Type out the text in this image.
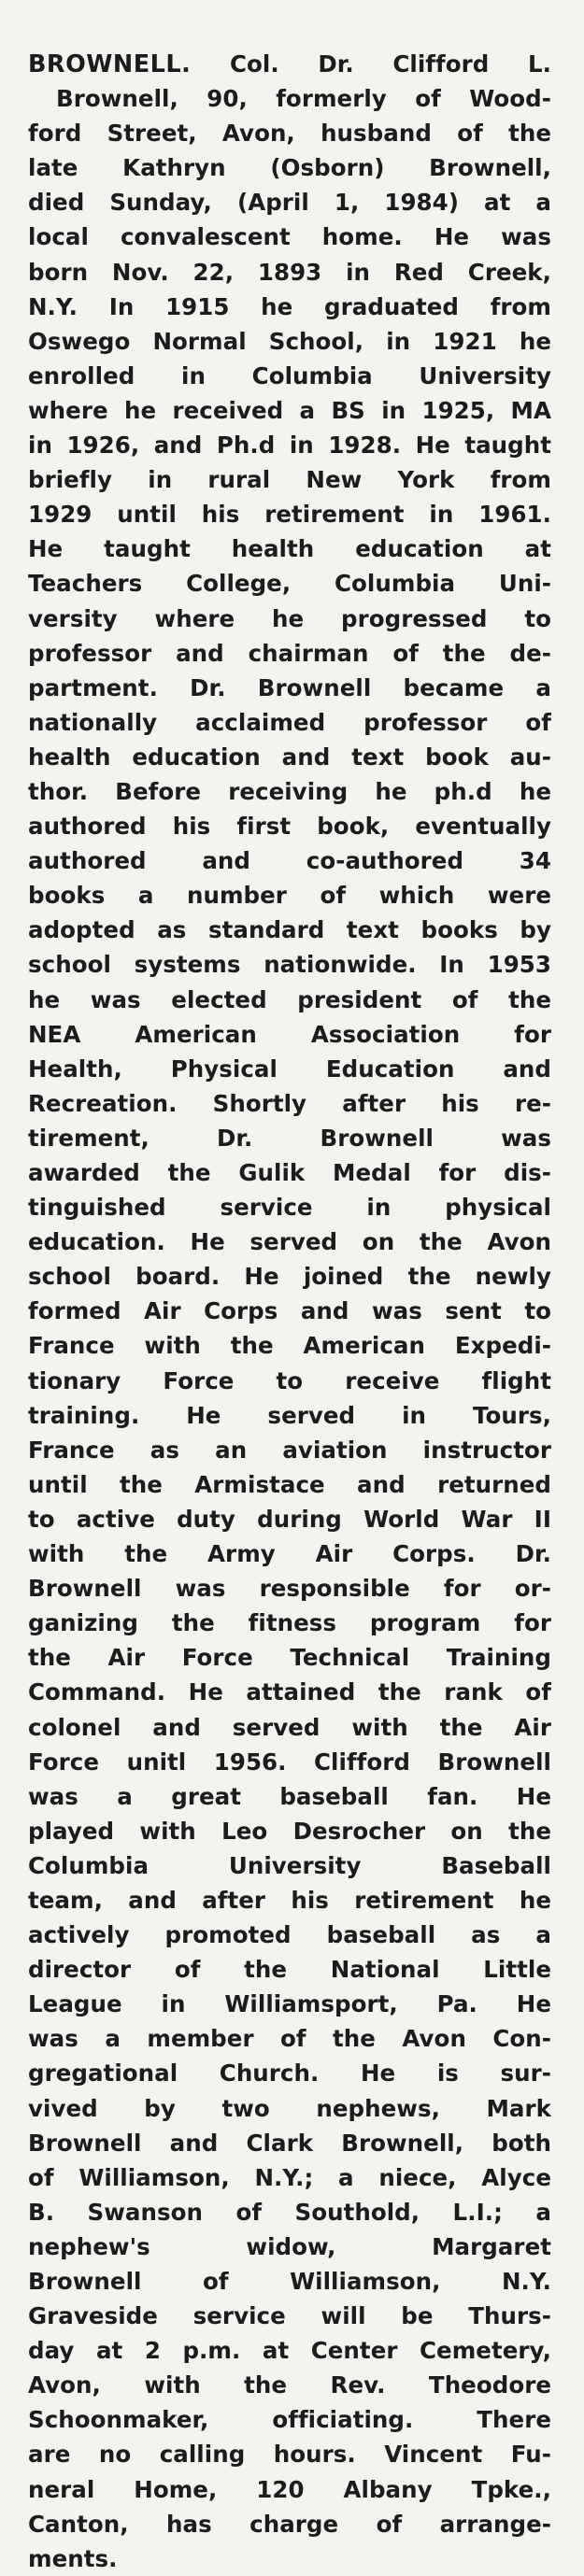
BROWNELL. Col. Dr. Clifford L.
Brownell, 90, formerly of Wood-
ford Street, Avon, husband of the
late Kathryn (Osborn) Brownell,
died Sunday, (April 1, 1984) at a
local convalescent home. He was
born Nov. 22, 1893 in Red Creek,
N.Y. In 1915 he graduated from
Oswego Normal School, in 1921 he
enrolled in Columbia University
where he received a BS in 1925, MA
in 1926, and Ph.d in 1928. He taught
briefly in rural New York from
1929 until his retirement in 1961.
He taught health education at
Teachers College, Columbia Uni-
versity where he progressed to
professor and chairman of the de-
partment. Dr. Brownell became a
nationally acclaimed professor of
health education and text book au-
thor. Before receiving he ph.d he
authored his first book, eventually
authored and co-authored 34
books a number of which were
adopted as standard text books by
school systems nationwide. In 1953
he was elected president of the
NEA American Association for
Health, Physical Education and
Recreation. Shortly after his re-
tirement, Dr. Brownell was
awarded the Gulik Medal for dis-
tinguished service in physical
education. He served on the Avon
school board. He joined the newly
formed Air Corps and was sent to
France with the American Expedi-
tionary Force to receive flight
training. He served in Tours,
France as an aviation instructor
until the Armistace and returned
to active duty during World War II
with the Army Air Corps. Dr.
Brownell was responsible for or-
ganizing the fitness program for
the Air Force Technical Training
Command. He attained the rank of
colonel and served with the Air
Force unitl 1956. Clifford Brownell
was a great baseball fan. He
played with Leo Desrocher on the
Columbia University Baseball
team, and after his retirement he
actively promoted baseball as a
director of the National Little
League in Williamsport, Pa. He
was a member of the Avon Con-
gregational Church. He is sur-
vived by two nephews, Mark
Brownell and Clark Brownell, both
of Williamson, N.Y.; a niece, Alyce
B. Swanson of Southold, L.I.; a
nephew's widow, Margaret
Brownell of Williamson, N.Y.
Graveside service will be Thurs-
day at 2 p.m. at Center Cemetery,
Avon, with the Rev. Theodore
Schoonmaker, officiating. There
are no calling hours. Vincent Fu-
neral Home, 120 Albany Tpke.,
Canton, has charge of arrange-
ments.
